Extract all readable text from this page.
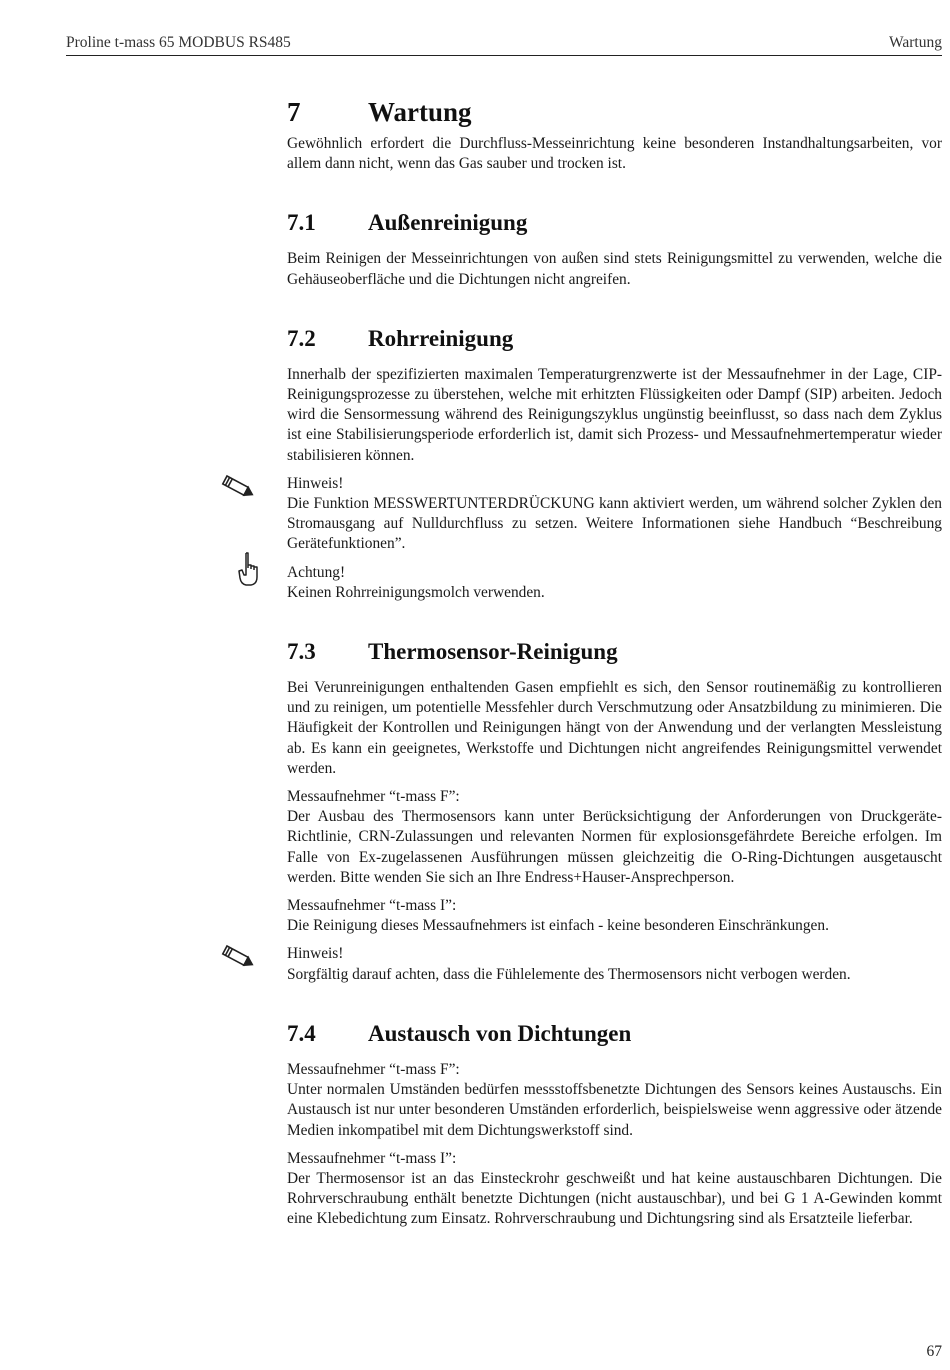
Proline t-mass 65 MODBUS RS485	Wartung
7	Wartung

Gewöhnlich erfordert die Durchfluss-Messeinrichtung keine besonderen Instandhaltungsarbeiten, vor allem dann nicht, wenn das Gas sauber und trocken ist.

7.1	Außenreinigung

Beim Reinigen der Messeinrichtungen von außen sind stets Reinigungsmittel zu verwenden, welche die Gehäuseoberfläche und die Dichtungen nicht angreifen.

7.2	Rohrreinigung

Innerhalb der spezifizierten maximalen Temperaturgrenzwerte ist der Messaufnehmer in der Lage, CIP-Reinigungsprozesse zu überstehen, welche mit erhitzten Flüssigkeiten oder Dampf (SIP) arbeiten. Jedoch wird die Sensormessung während des Reinigungszyklus ungünstig beeinflusst, so dass nach dem Zyklus ist eine Stabilisierungsperiode erforderlich ist, damit sich Prozess- und Messaufnehmertemperatur wieder stabilisieren können.

Hinweis!

Die Funktion MESSWERTUNTERDRÜCKUNG kann aktiviert werden, um während solcher Zyklen den Stromausgang auf Nulldurchfluss zu setzen. Weitere Informationen siehe Handbuch “Beschreibung Gerätefunktionen”.

Achtung!

Keinen Rohrreinigungsmolch verwenden.

7.3	Thermosensor-Reinigung

Bei Verunreinigungen enthaltenden Gasen empfiehlt es sich, den Sensor routinemäßig zu kontrollieren und zu reinigen, um potentielle Messfehler durch Verschmutzung oder Ansatzbildung zu minimieren. Die Häufigkeit der Kontrollen und Reinigungen hängt von der Anwendung und der verlangten Messleistung ab. Es kann ein geeignetes, Werkstoffe und Dichtungen nicht angreifendes Reinigungsmittel verwendet werden.

Messaufnehmer “t-mass F”:

Der Ausbau des Thermosensors kann unter Berücksichtigung der Anforderungen von Druckgeräte-Richtlinie, CRN-Zulassungen und relevanten Normen für explosionsgefährdete Bereiche erfolgen. Im Falle von Ex-zugelassenen Ausführungen müssen gleichzeitig die O-Ring-Dichtungen ausgetauscht werden. Bitte wenden Sie sich an Ihre Endress+Hauser-Ansprechperson.

Messaufnehmer “t-mass I”:

Die Reinigung dieses Messaufnehmers ist einfach - keine besonderen Einschränkungen.

Hinweis!

Sorgfältig darauf achten, dass die Fühlelemente des Thermosensors nicht verbogen werden.

7.4	Austausch von Dichtungen

Messaufnehmer “t-mass F”:

Unter normalen Umständen bedürfen messstoffsbenetzte Dichtungen des Sensors keines Austauschs. Ein Austausch ist nur unter besonderen Umständen erforderlich, beispielsweise wenn aggressive oder ätzende Medien inkompatibel mit dem Dichtungswerkstoff sind.

Messaufnehmer “t-mass I”:

Der Thermosensor ist an das Einsteckrohr geschweißt und hat keine austauschbaren Dichtungen. Die Rohrverschraubung enthält benetzte Dichtungen (nicht austauschbar), und bei G 1 A-Gewinden kommt eine Klebedichtung zum Einsatz. Rohrverschraubung und Dichtungsring sind als Ersatzteile lieferbar.

67
